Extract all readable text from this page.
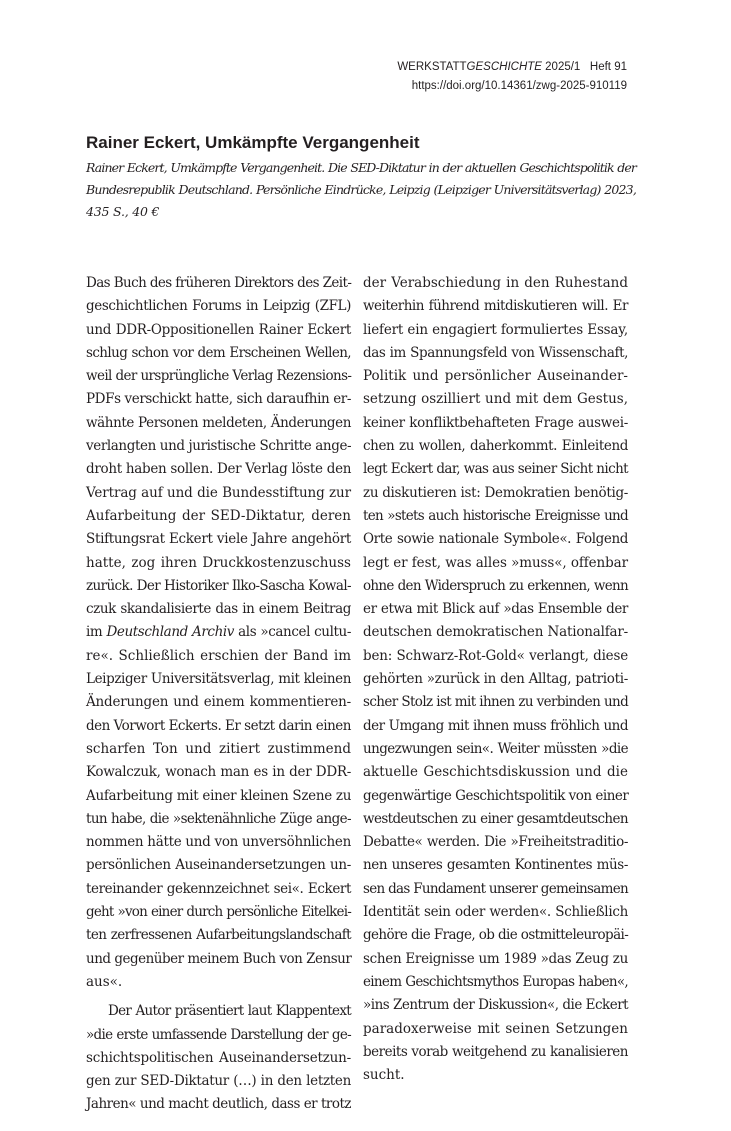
WERKSTATTGESCHICHTE 2025/1   Heft 91
https://doi.org/10.14361/zwg-2025-910119
Rainer Eckert, Umkämpfte Vergangenheit
Rainer Eckert, Umkämpfte Vergangenheit. Die SED-Diktatur in der aktuellen Geschichtspolitik der
Bundesrepublik Deutschland. Persönliche Eindrücke, Leipzig (Leipziger Universitätsverlag) 2023,
435 S., 40 €
Das Buch des früheren Direktors des Zeit-
geschichtlichen Forums in Leipzig (ZFL)
und DDR-Oppositionellen Rainer Eckert
schlug schon vor dem Erscheinen Wellen,
weil der ursprüngliche Verlag Rezensions-
PDFs verschickt hatte, sich daraufhin er-
wähnte Personen meldeten, Änderungen
verlangten und juristische Schritte ange-
droht haben sollen. Der Verlag löste den
Vertrag auf und die Bundesstiftung zur
Aufarbeitung der SED-Diktatur, deren
Stiftungsrat Eckert viele Jahre angehört
hatte, zog ihren Druckkostenzuschuss
zurück. Der Historiker Ilko-Sascha Kowal-
czuk skandalisierte das in einem Beitrag
im Deutschland Archiv als »cancel cultu-
re«. Schließlich erschien der Band im
Leipziger Universitätsverlag, mit kleinen
Änderungen und einem kommentieren-
den Vorwort Eckerts. Er setzt darin einen
scharfen Ton und zitiert zustimmend
Kowalczuk, wonach man es in der DDR-
Aufarbeitung mit einer kleinen Szene zu
tun habe, die »sektenähnliche Züge ange-
nommen hätte und von unversöhnlichen
persönlichen Auseinandersetzungen un-
tereinander gekennzeichnet sei«. Eckert
geht »von einer durch persönliche Eitelkei-
ten zerfressenen Aufarbeitungslandschaft
und gegenüber meinem Buch von Zensur
aus«.
Der Autor präsentiert laut Klappentext
»die erste umfassende Darstellung der ge-
schichtspolitischen Auseinandersetzun-
gen zur SED-Diktatur (…) in den letzten
Jahren« und macht deutlich, dass er trotz
der Verabschiedung in den Ruhestand
weiterhin führend mitdiskutieren will. Er
liefert ein engagiert formuliertes Essay,
das im Spannungsfeld von Wissenschaft,
Politik und persönlicher Auseinander-
setzung oszilliert und mit dem Gestus,
keiner konfliktbehafteten Frage auswei-
chen zu wollen, daherkommt. Einleitend
legt Eckert dar, was aus seiner Sicht nicht
zu diskutieren ist: Demokratien benötig-
ten »stets auch historische Ereignisse und
Orte sowie nationale Symbole«. Folgend
legt er fest, was alles »muss«, offenbar
ohne den Widerspruch zu erkennen, wenn
er etwa mit Blick auf »das Ensemble der
deutschen demokratischen Nationalfar-
ben: Schwarz-Rot-Gold« verlangt, diese
gehörten »zurück in den Alltag, patrioti-
scher Stolz ist mit ihnen zu verbinden und
der Umgang mit ihnen muss fröhlich und
ungezwungen sein«. Weiter müssten »die
aktuelle Geschichtsdiskussion und die
gegenwärtige Geschichtspolitik von einer
westdeutschen zu einer gesamtdeutschen
Debatte« werden. Die »Freiheitstraditio-
nen unseres gesamten Kontinentes müs-
sen das Fundament unserer gemeinsamen
Identität sein oder werden«. Schließlich
gehöre die Frage, ob die ostmitteleuropäi-
schen Ereignisse um 1989 »das Zeug zu
einem Geschichtsmythos Europas haben«,
»ins Zentrum der Diskussion«, die Eckert
paradoxerweise mit seinen Setzungen
bereits vorab weitgehend zu kanalisieren
sucht.
